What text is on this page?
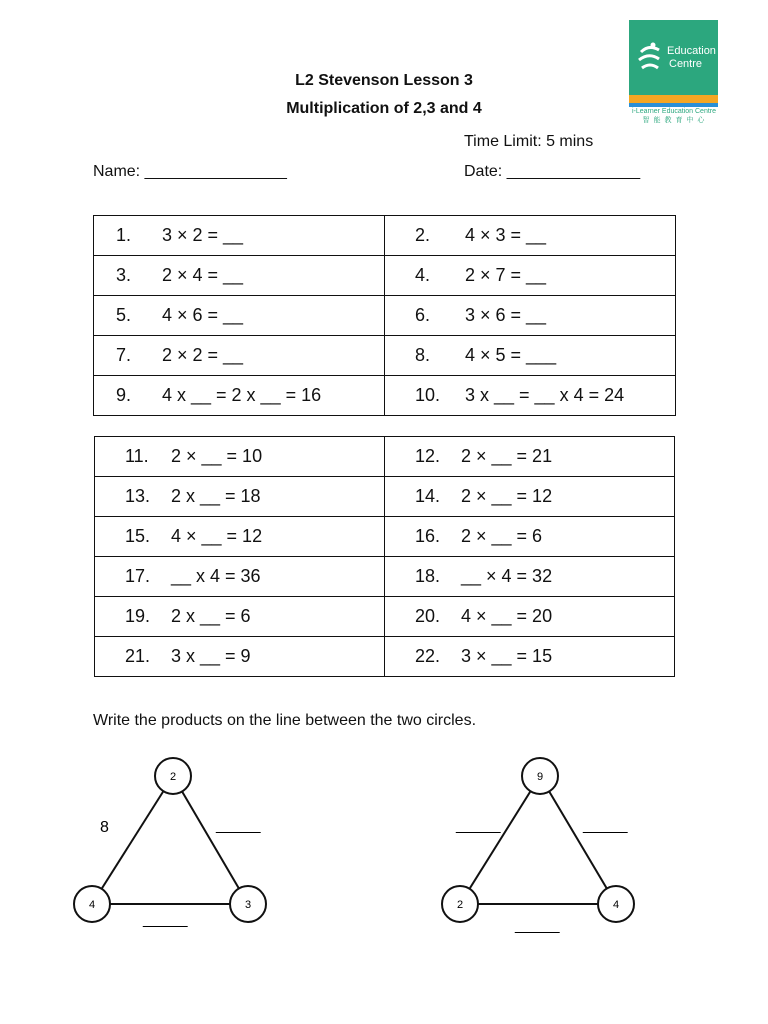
L2 Stevenson Lesson 3
Multiplication of 2,3 and 4
Education
Centre
i-Learner Education Centre
智 能 教 育 中 心
Time Limit: 5 mins
Name: ________________	Date: _______________
1. 3 × 2 = __	2. 4 × 3 = __

3. 2 × 4 = __	4. 2 × 7 = __

5. 4 × 6 = __	6. 3 × 6 = __

7. 2 × 2 = __	8. 4 × 5 = ___

9. 4 x __ = 2 x __ = 16	10. 3 x __ = __ x 4 = 24
11. 2 × __ = 10	12. 2 × __ = 21

13. 2 x __ = 18	14. 2 × __ = 12

15. 4 × __ = 12	16. 2 × __ = 6

17. __ x 4 = 36	18. __ × 4 = 32

19. 2 x __ = 6	20. 4 × __ = 20

21. 3 x __ = 9	22. 3 × __ = 15
Write the products on the line between the two circles.
2
4	3
8	_____
_____
9
2	4
_____	_____
_____
